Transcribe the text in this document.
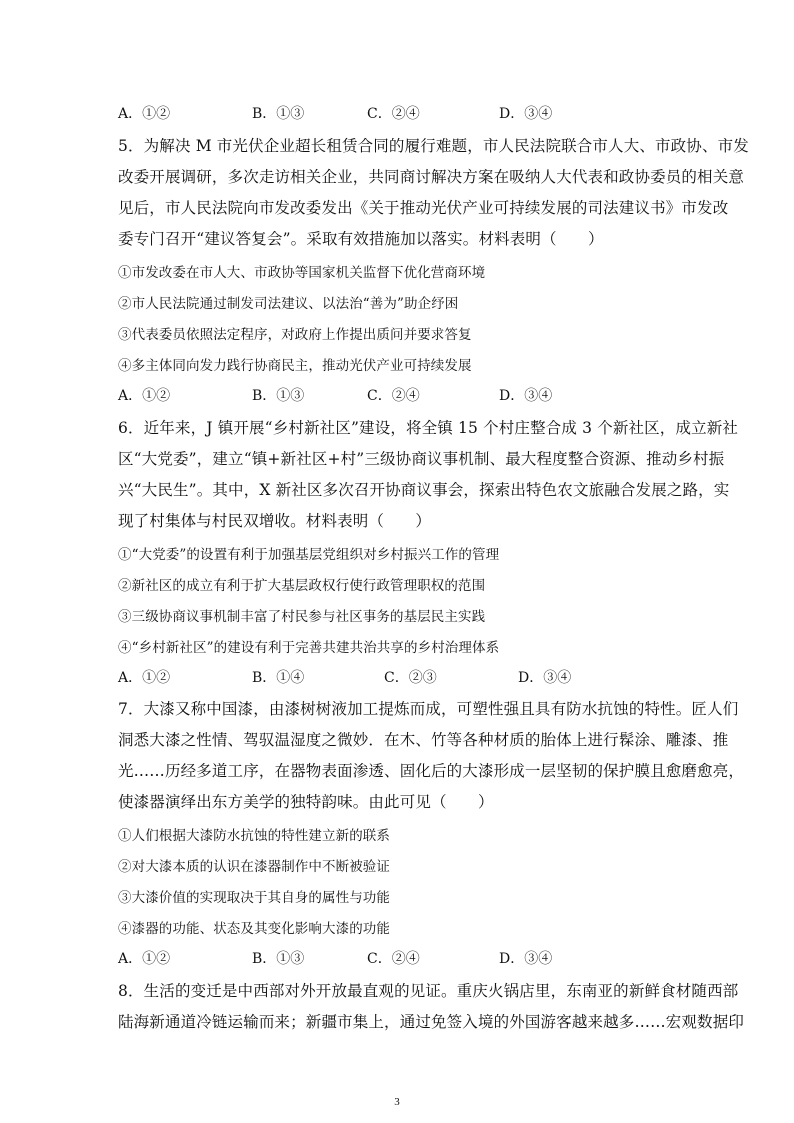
A．①②	B．①③	C．②④	D．③④
5．为解决 M 市光伏企业超长租赁合同的履行难题，市人民法院联合市人大、市政协、市发
改委开展调研，多次走访相关企业，共同商讨解决方案在吸纳人大代表和政协委员的相关意
见后，市人民法院向市发改委发出《关于推动光伏产业可持续发展的司法建议书》市发改
委专门召开“建议答复会”。采取有效措施加以落实。材料表明（　　）
①市发改委在市人大、市政协等国家机关监督下优化营商环境
②市人民法院通过制发司法建议、以法治“善为”助企纾困
③代表委员依照法定程序，对政府上作提出质问并要求答复
④多主体同向发力践行协商民主，推动光伏产业可持续发展
A．①②	B．①③	C．②④	D．③④
6．近年来，J 镇开展“乡村新社区”建设，将全镇 15 个村庄整合成 3 个新社区，成立新社
区“大党委”，建立“镇+新社区+村”三级协商议事机制、最大程度整合资源、推动乡村振
兴“大民生”。其中，X 新社区多次召开协商议事会，探索出特色农文旅融合发展之路，实
现了村集体与村民双增收。材料表明（　　）
①“大党委”的设置有利于加强基层党组织对乡村振兴工作的管理
②新社区的成立有利于扩大基层政权行使行政管理职权的范围
③三级协商议事机制丰富了村民参与社区事务的基层民主实践
④“乡村新社区”的建设有利于完善共建共治共享的乡村治理体系
A．①②	B．①④	C．②③	D．③④
7．大漆又称中国漆，由漆树树液加工提炼而成，可塑性强且具有防水抗蚀的特性。匠人们
洞悉大漆之性情、驾驭温湿度之微妙．在木、竹等各种材质的胎体上进行髹涂、雕漆、推
光……历经多道工序，在器物表面渗透、固化后的大漆形成一层坚韧的保护膜且愈磨愈亮，
使漆器演绎出东方美学的独特韵味。由此可见（　　）
①人们根据大漆防水抗蚀的特性建立新的联系
②对大漆本质的认识在漆器制作中不断被验证
③大漆价值的实现取决于其自身的属性与功能
④漆器的功能、状态及其变化影响大漆的功能
A．①②	B．①③	C．②④	D．③④
8．生活的变迁是中西部对外开放最直观的见证。重庆火锅店里，东南亚的新鲜食材随西部
陆海新通道冷链运输而来；新疆市集上，通过免签入境的外国游客越来越多……宏观数据印
3
